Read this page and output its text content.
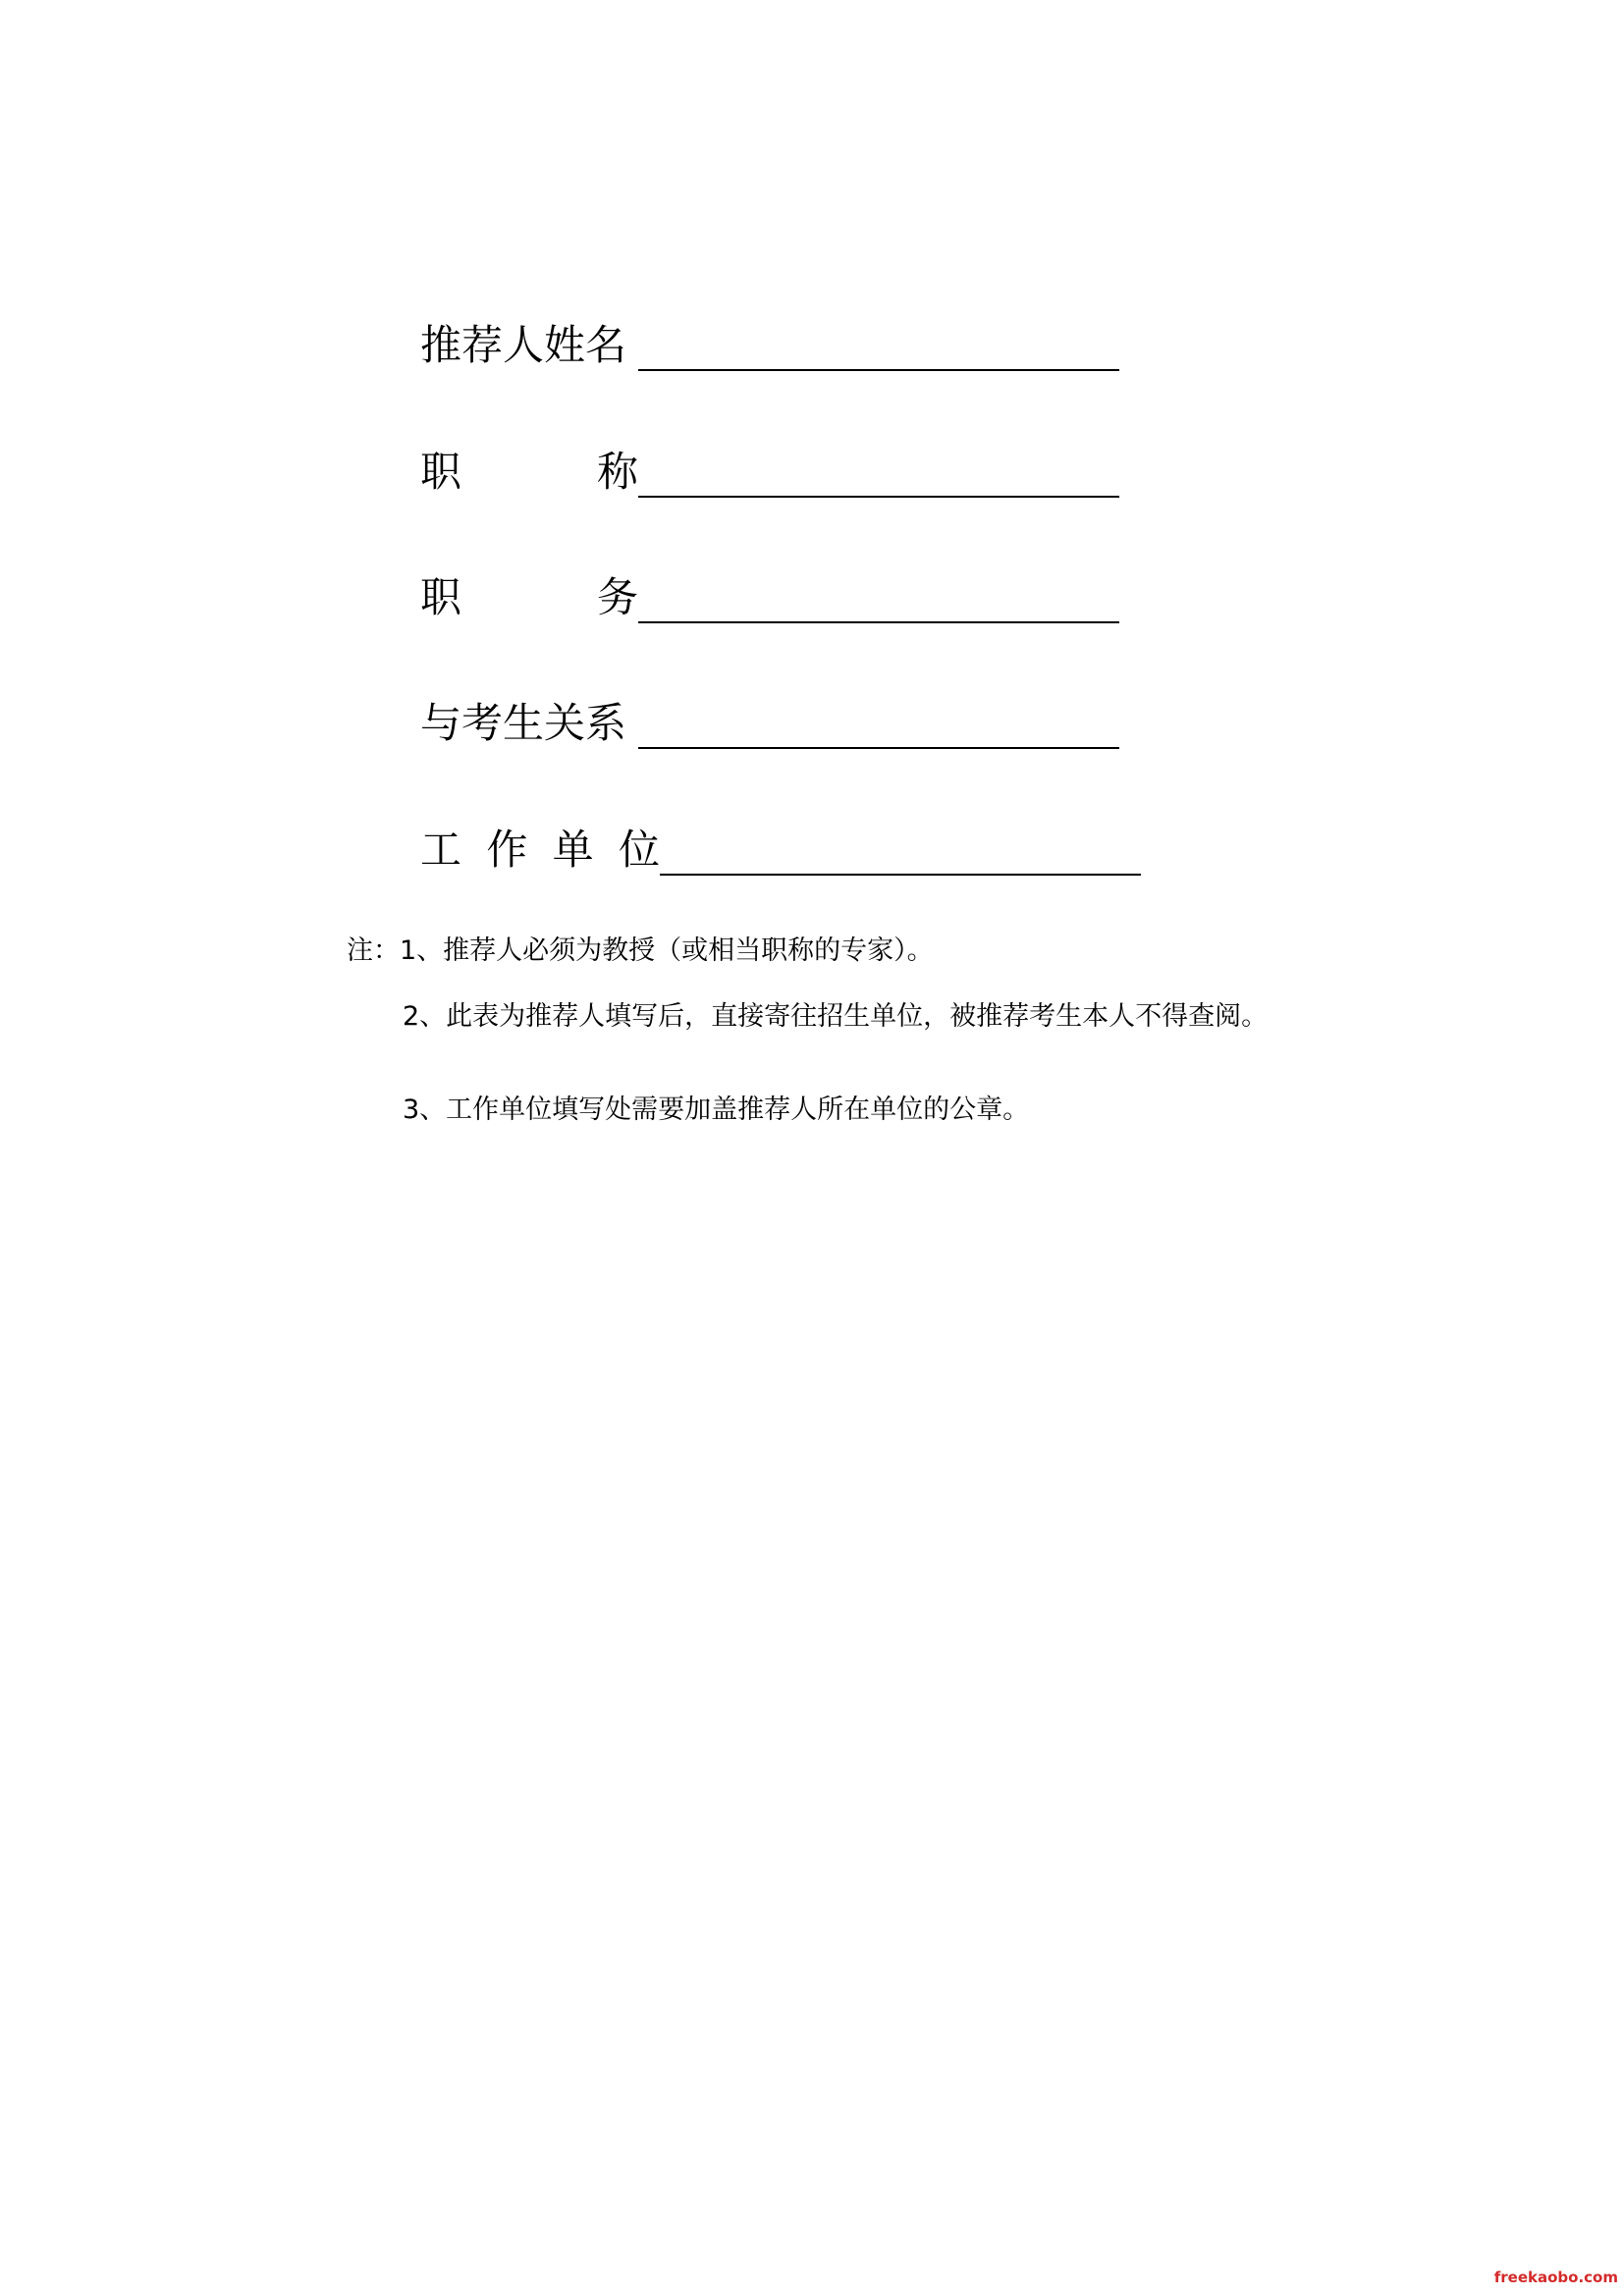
推荐人姓名
职	称
职	务
与考生关系
工 作 单 位
注：1、推荐人必须为教授（或相当职称的专家）。
2、此表为推荐人填写后，直接寄往招生单位，被推荐考生本人不得查阅。
3、工作单位填写处需要加盖推荐人所在单位的公章。
freekaobo.com
